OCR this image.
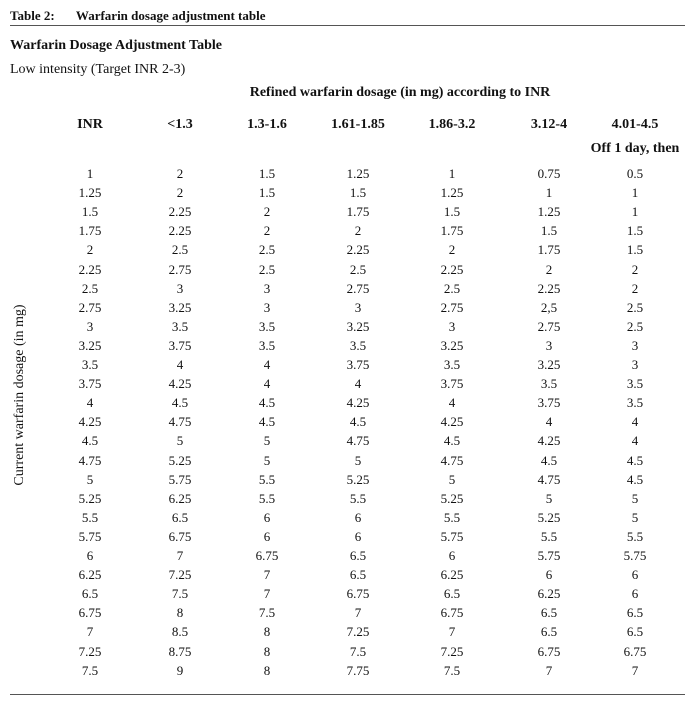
Table 2: Warfarin dosage adjustment table
Warfarin Dosage Adjustment Table
Low intensity (Target INR 2-3)
Refined warfarin dosage (in mg) according to INR
INR	<1.3	1.3-1.6	1.61-1.85	1.86-3.2	3.12-4	4.01-4.5
Off 1 day, then
Current warfarin dosage (in mg)
1	2	1.5	1.25	1	0.75	0.5
1.25	2	1.5	1.5	1.25	1	1
1.5	2.25	2	1.75	1.5	1.25	1
1.75	2.25	2	2	1.75	1.5	1.5
2	2.5	2.5	2.25	2	1.75	1.5
2.25	2.75	2.5	2.5	2.25	2	2
2.5	3	3	2.75	2.5	2.25	2
2.75	3.25	3	3	2.75	2,5	2.5
3	3.5	3.5	3.25	3	2.75	2.5
3.25	3.75	3.5	3.5	3.25	3	3
3.5	4	4	3.75	3.5	3.25	3
3.75	4.25	4	4	3.75	3.5	3.5
4	4.5	4.5	4.25	4	3.75	3.5
4.25	4.75	4.5	4.5	4.25	4	4
4.5	5	5	4.75	4.5	4.25	4
4.75	5.25	5	5	4.75	4.5	4.5
5	5.75	5.5	5.25	5	4.75	4.5
5.25	6.25	5.5	5.5	5.25	5	5
5.5	6.5	6	6	5.5	5.25	5
5.75	6.75	6	6	5.75	5.5	5.5
6	7	6.75	6.5	6	5.75	5.75
6.25	7.25	7	6.5	6.25	6	6
6.5	7.5	7	6.75	6.5	6.25	6
6.75	8	7.5	7	6.75	6.5	6.5
7	8.5	8	7.25	7	6.5	6.5
7.25	8.75	8	7.5	7.25	6.75	6.75
7.5	9	8	7.75	7.5	7	7
